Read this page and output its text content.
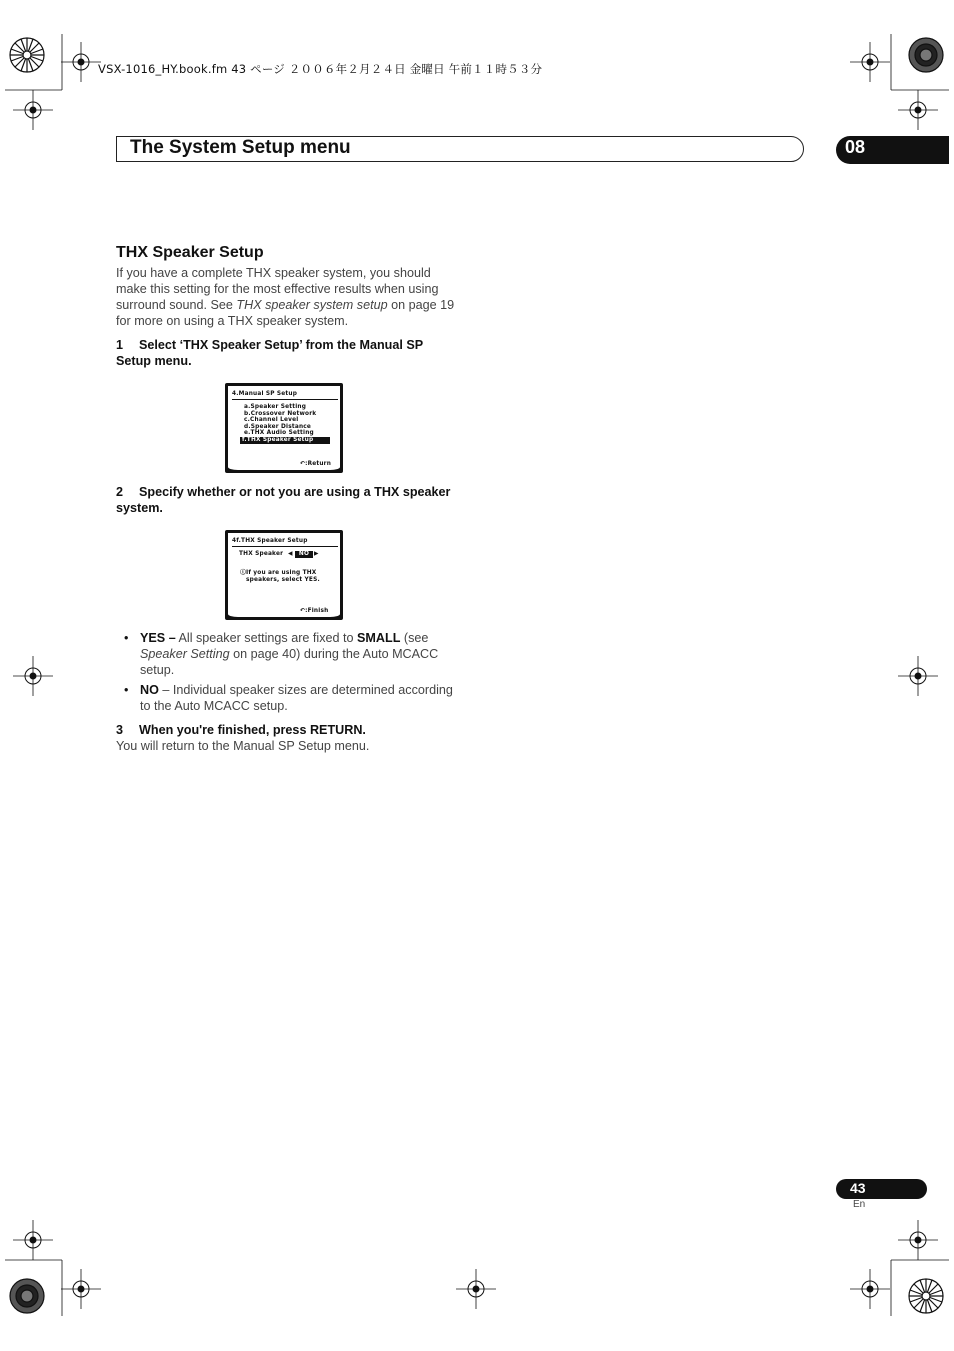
VSX-1016_HY.book.fm 43 ページ ２００６年２月２４日 金曜日 午前１１時５３分
The System Setup menu	08
THX Speaker Setup
If you have a complete THX speaker system, you should make this setting for the most effective results when using surround sound. See THX speaker system setup on page 19 for more on using a THX speaker system.
1 Select ‘THX Speaker Setup’ from the Manual SP Setup menu.
4.Manual SP Setup
a.Speaker Setting
b.Crossover Network
c.Channel Level
d.Speaker Distance
e.THX Audio Setting
f.THX Speaker Setup
↶:Return
2 Specify whether or not you are using a THX speaker system.
4f.THX Speaker Setup
THX Speaker ◀	NO ▶
ⓘIf you are using THX
speakers, select YES.
↶:Finish
• YES – All speaker settings are fixed to SMALL (see Speaker Setting on page 40) during the Auto MCACC setup.
• NO – Individual speaker sizes are determined according to the Auto MCACC setup.
3 When you're finished, press RETURN.
You will return to the Manual SP Setup menu.
43
En
